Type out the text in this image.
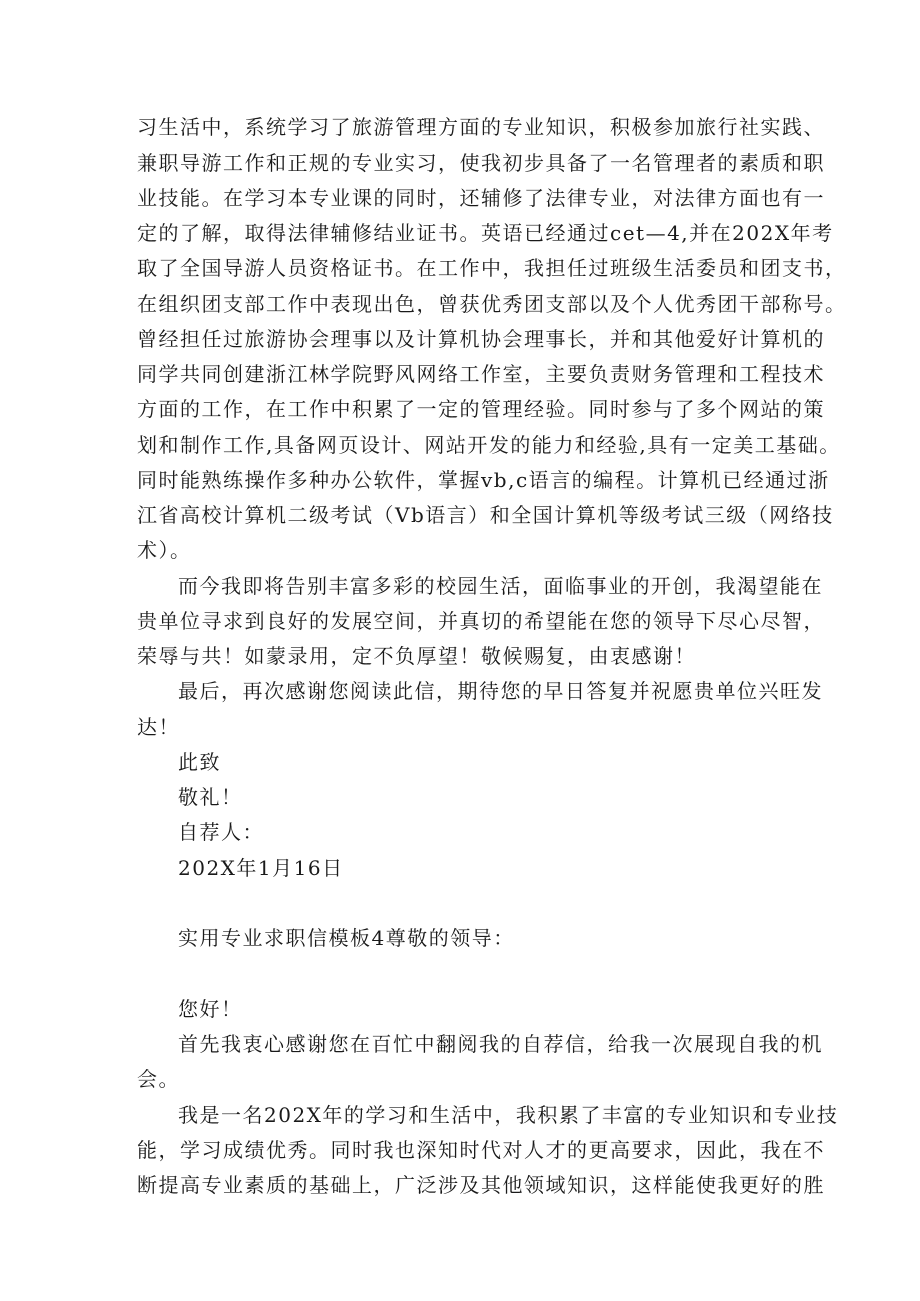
习生活中，系统学习了旅游管理方面的专业知识，积极参加旅行社实践、
兼职导游工作和正规的专业实习，使我初步具备了一名管理者的素质和职
业技能。在学习本专业课的同时，还辅修了法律专业，对法律方面也有一
定的了解，取得法律辅修结业证书。英语已经通过cet—4,并在202X年考
取了全国导游人员资格证书。在工作中，我担任过班级生活委员和团支书，
在组织团支部工作中表现出色，曾获优秀团支部以及个人优秀团干部称号。
曾经担任过旅游协会理事以及计算机协会理事长，并和其他爱好计算机的
同学共同创建浙江林学院野风网络工作室，主要负责财务管理和工程技术
方面的工作，在工作中积累了一定的管理经验。同时参与了多个网站的策
划和制作工作,具备网页设计、网站开发的能力和经验,具有一定美工基础。
同时能熟练操作多种办公软件，掌握vb,c语言的编程。计算机已经通过浙
江省高校计算机二级考试（Vb语言）和全国计算机等级考试三级（网络技
术）。
而今我即将告别丰富多彩的校园生活，面临事业的开创，我渴望能在
贵单位寻求到良好的发展空间，并真切的希望能在您的领导下尽心尽智，
荣辱与共！如蒙录用，定不负厚望！敬候赐复，由衷感谢！
最后，再次感谢您阅读此信，期待您的早日答复并祝愿贵单位兴旺发
达！
此致
敬礼！
自荐人：
202X年1月16日
实用专业求职信模板4尊敬的领导：
您好！
首先我衷心感谢您在百忙中翻阅我的自荐信，给我一次展现自我的机
会。
我是一名202X年的学习和生活中，我积累了丰富的专业知识和专业技
能，学习成绩优秀。同时我也深知时代对人才的更高要求，因此，我在不
断提高专业素质的基础上，广泛涉及其他领域知识，这样能使我更好的胜
